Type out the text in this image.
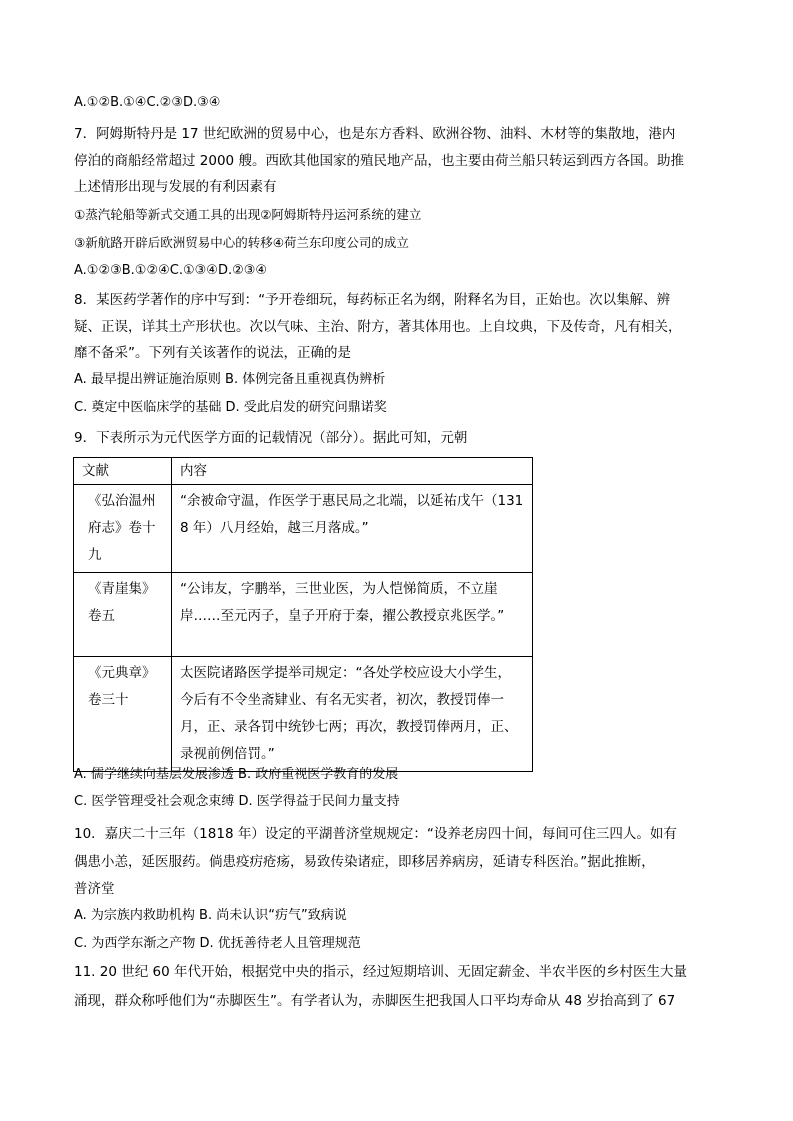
A.①②B.①④C.②③D.③④
7．阿姆斯特丹是 17 世纪欧洲的贸易中心，也是东方香料、欧洲谷物、油料、木材等的集散地，港内
停泊的商船经常超过 2000 艘。西欧其他国家的殖民地产品，也主要由荷兰船只转运到西方各国。助推
上述情形出现与发展的有利因素有
①蒸汽轮船等新式交通工具的出现②阿姆斯特丹运河系统的建立
③新航路开辟后欧洲贸易中心的转移④荷兰东印度公司的成立
A.①②③B.①②④C.①③④D.②③④
8．某医药学著作的序中写到：“予开卷细玩，每药标正名为纲，附释名为目，正始也。次以集解、辨
疑、正误，详其土产形状也。次以气味、主治、附方，著其体用也。上自坟典，下及传奇，凡有相关，
靡不备采”。下列有关该著作的说法，正确的是
A. 最早提出辨证施治原则 B. 体例完备且重视真伪辨析
C. 奠定中医临床学的基础 D. 受此启发的研究问鼎诺奖
9．下表所示为元代医学方面的记载情况（部分）。据此可知，元朝
文献	内容

《弘治温州府志》卷十九	“余被命守温，作医学于惠民局之北端，以延祐戊午（1318 年）八月经始，越三月落成。”

《青崖集》卷五	“公讳友，字鹏举，三世业医，为人恺悌简质，不立崖岸……至元丙子，皇子开府于秦，擢公教授京兆医学。”

《元典章》卷三十	太医院诸路医学提举司规定：“各处学校应设大小学生，今后有不令坐斋肄业、有名无实者，初次，教授罚俸一月，正、录各罚中统钞七两；再次，教授罚俸两月，正、录视前例倍罚。”
A. 儒学继续向基层发展渗透 B. 政府重视医学教育的发展
C. 医学管理受社会观念束缚 D. 医学得益于民间力量支持
10．嘉庆二十三年（1818 年）设定的平湖普济堂规规定：“设养老房四十间，每间可住三四人。如有
偶患小恙，延医服药。倘患疫疠疮疡，易致传染诸症，即移居养病房，延请专科医治。”据此推断，
普济堂
A. 为宗族内救助机构 B. 尚未认识“疠气”致病说
C. 为西学东渐之产物 D. 优抚善待老人且管理规范
11. 20 世纪 60 年代开始，根据党中央的指示，经过短期培训、无固定薪金、半农半医的乡村医生大量
涌现，群众称呼他们为“赤脚医生”。有学者认为，赤脚医生把我国人口平均寿命从 48 岁抬高到了 67
